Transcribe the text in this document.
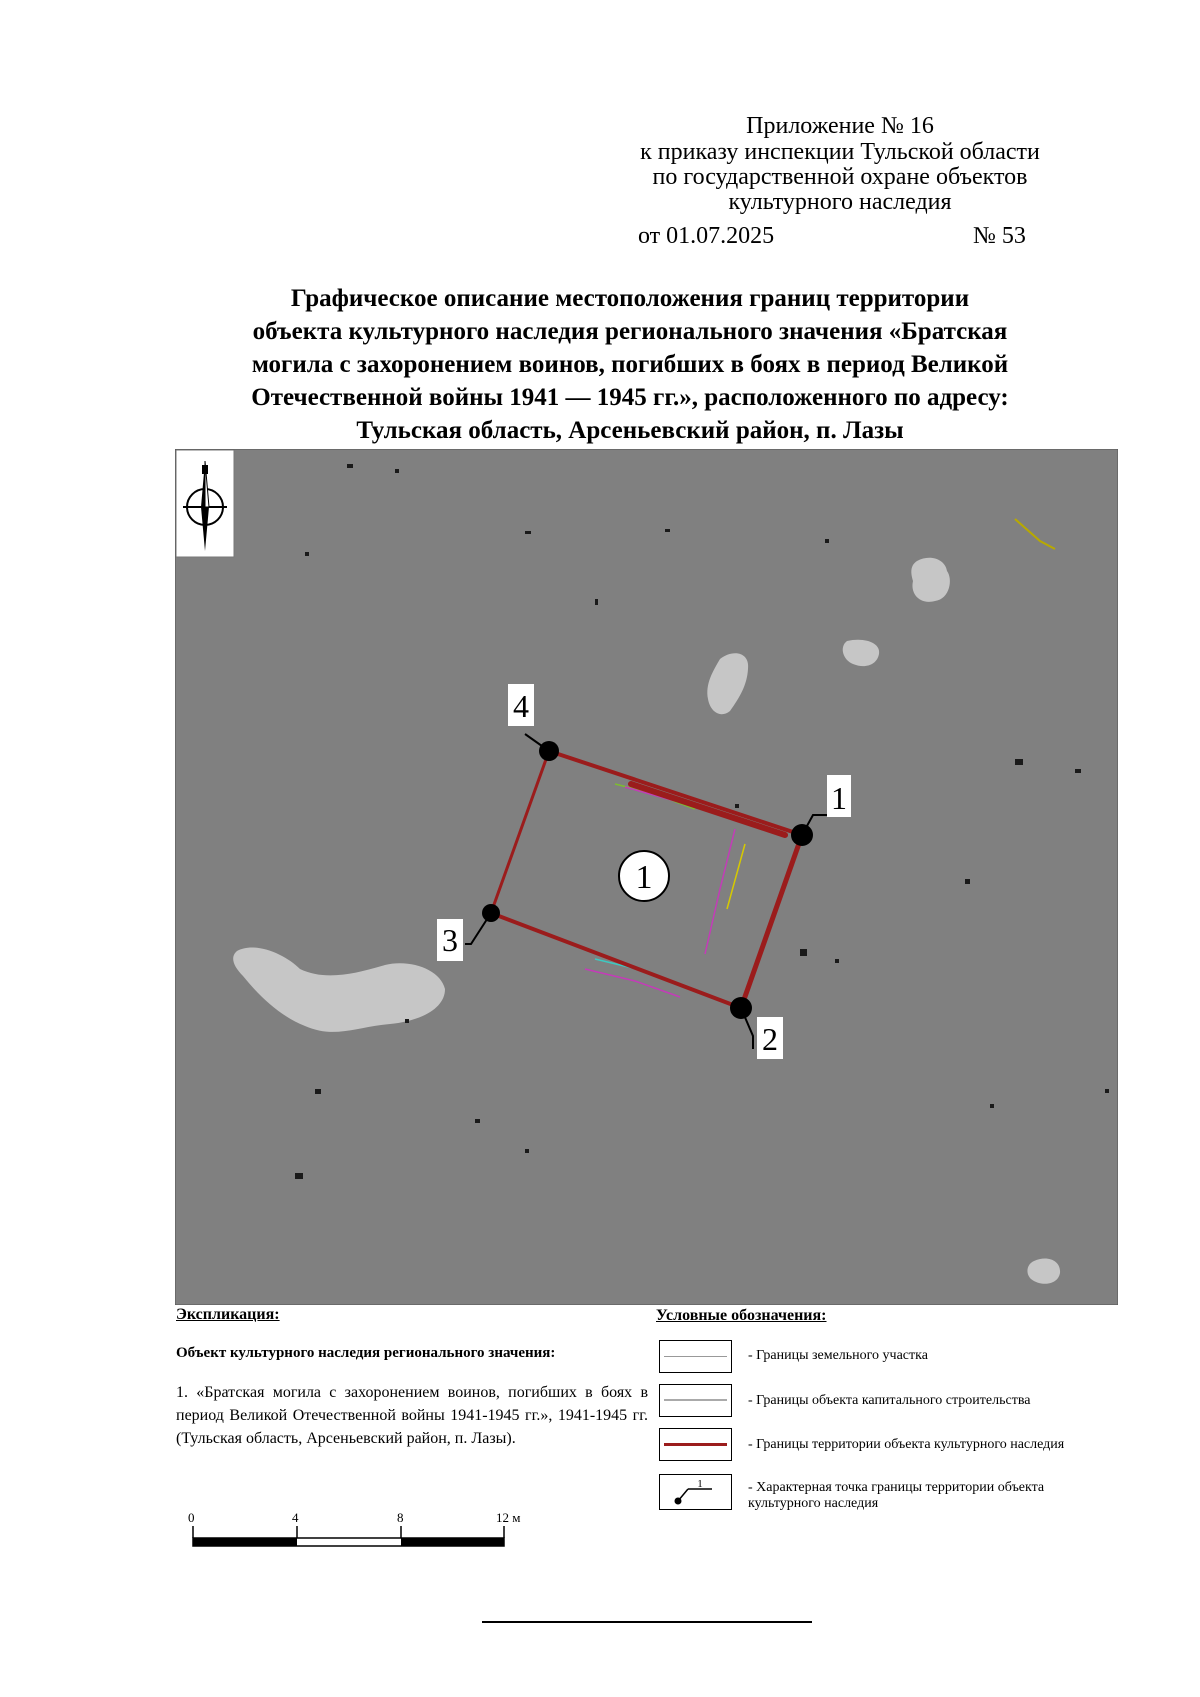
Приложение № 16
к приказу инспекции Тульской области
по государственной охране объектов
культурного наследия
от 01.07.2025	№ 53
Графическое описание местоположения границ территории
объекта культурного наследия регионального значения «Братская
могила с захоронением воинов, погибших в боях в период Великой
Отечественной войны 1941 — 1945 гг.», расположенного по адресу:
Тульская область, Арсеньевский район, п. Лазы
1
2
3
4
1
Экспликация:
Объект культурного наследия регионального значения:
1. «Братская могила с захоронением воинов, погибших в боях в период Великой Отечественной войны 1941-1945 гг.», 1941-1945 гг. (Тульская область, Арсеньевский район, п. Лазы).
Условные обозначения:
- Границы земельного участка
- Границы объекта капитального строительства
- Границы территории объекта культурного наследия
1	- Характерная точка границы территории объекта культурного наследия
0	4	8	12 м
